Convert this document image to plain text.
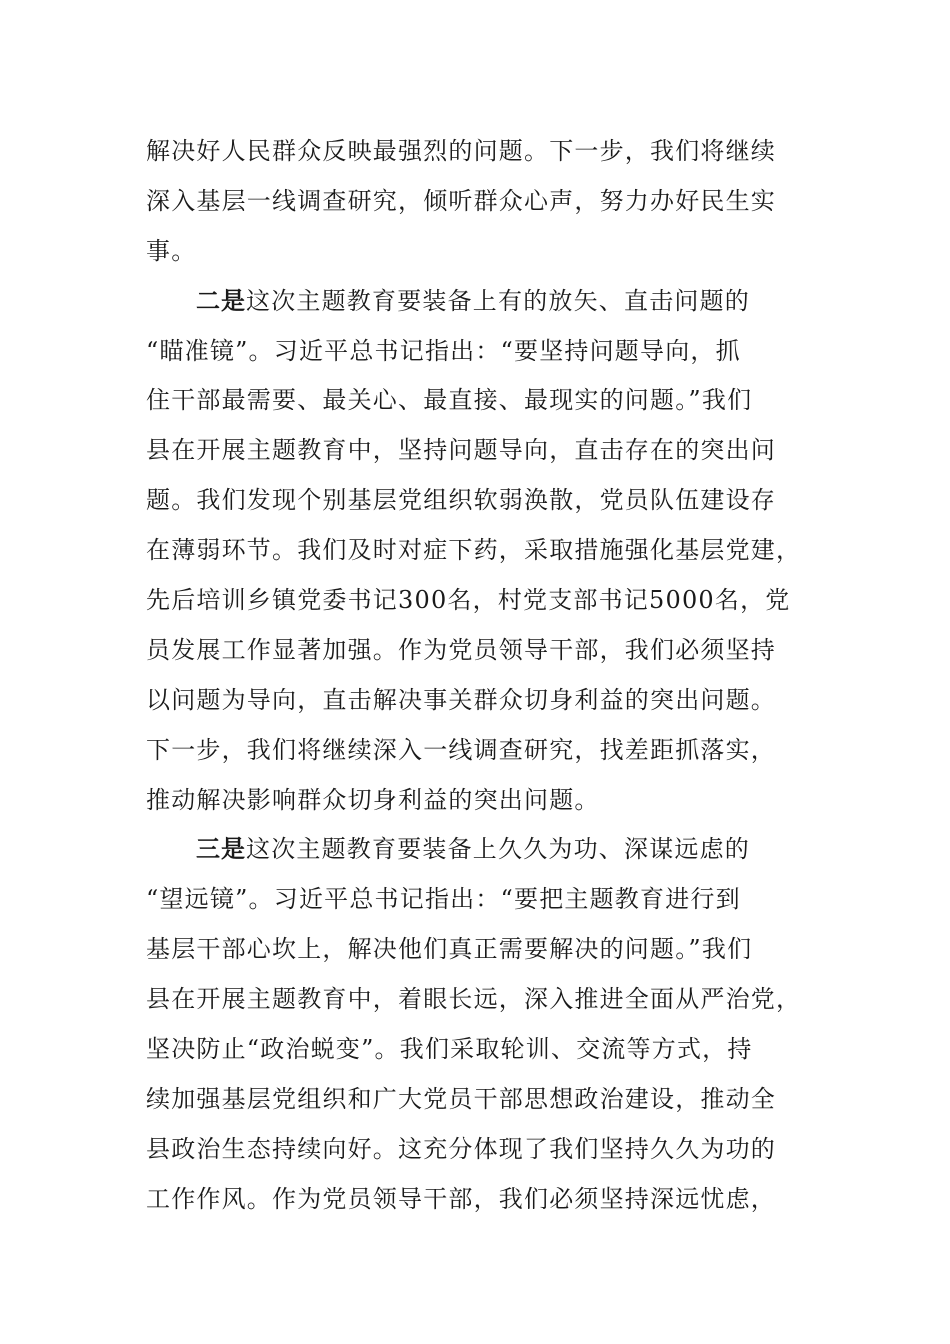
解决好人民群众反映最强烈的问题。下一步，我们将继续
深入基层一线调查研究，倾听群众心声，努力办好民生实
事。
二是这次主题教育要装备上有的放矢、直击问题的
“瞄准镜”。习近平总书记指出：“要坚持问题导向，抓
住干部最需要、最关心、最直接、最现实的问题。”我们
县在开展主题教育中，坚持问题导向，直击存在的突出问
题。我们发现个别基层党组织软弱涣散，党员队伍建设存
在薄弱环节。我们及时对症下药，采取措施强化基层党建，
先后培训乡镇党委书记300名，村党支部书记5000名，党
员发展工作显著加强。作为党员领导干部，我们必须坚持
以问题为导向，直击解决事关群众切身利益的突出问题。
下一步，我们将继续深入一线调查研究，找差距抓落实，
推动解决影响群众切身利益的突出问题。
三是这次主题教育要装备上久久为功、深谋远虑的
“望远镜”。习近平总书记指出：“要把主题教育进行到
基层干部心坎上，解决他们真正需要解决的问题。”我们
县在开展主题教育中，着眼长远，深入推进全面从严治党，
坚决防止“政治蜕变”。我们采取轮训、交流等方式，持
续加强基层党组织和广大党员干部思想政治建设，推动全
县政治生态持续向好。这充分体现了我们坚持久久为功的
工作作风。作为党员领导干部，我们必须坚持深远忧虑，
